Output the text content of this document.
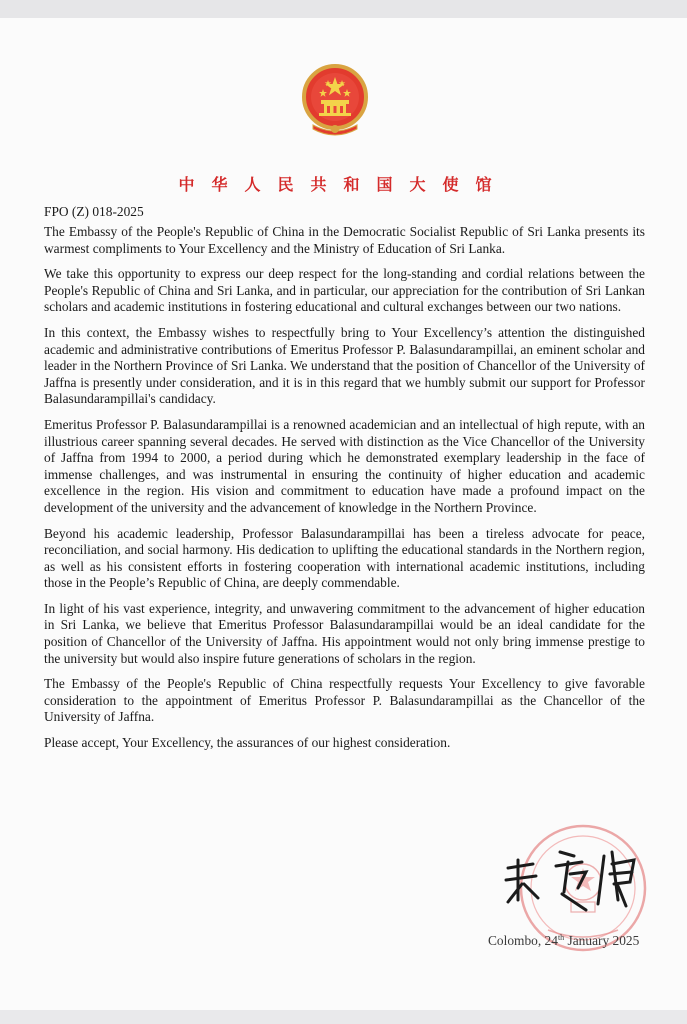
中华人民共和国大使馆
FPO (Z) 018-2025

The Embassy of the People's Republic of China in the Democratic Socialist Republic of Sri Lanka presents its warmest compliments to Your Excellency and the Ministry of Education of Sri Lanka.

We take this opportunity to express our deep respect for the long-standing and cordial relations between the People's Republic of China and Sri Lanka, and in particular, our appreciation for the contribution of Sri Lankan scholars and academic institutions in fostering educational and cultural exchanges between our two nations.

In this context, the Embassy wishes to respectfully bring to Your Excellency’s attention the distinguished academic and administrative contributions of Emeritus Professor P. Balasundarampillai, an eminent scholar and leader in the Northern Province of Sri Lanka. We understand that the position of Chancellor of the University of Jaffna is presently under consideration, and it is in this regard that we humbly submit our support for Professor Balasundarampillai's candidacy.

Emeritus Professor P. Balasundarampillai is a renowned academician and an intellectual of high repute, with an illustrious career spanning several decades. He served with distinction as the Vice Chancellor of the University of Jaffna from 1994 to 2000, a period during which he demonstrated exemplary leadership in the face of immense challenges, and was instrumental in ensuring the continuity of higher education and academic excellence in the region. His vision and commitment to education have made a profound impact on the development of the university and the advancement of knowledge in the Northern Province.

Beyond his academic leadership, Professor Balasundarampillai has been a tireless advocate for peace, reconciliation, and social harmony. His dedication to uplifting the educational standards in the Northern region, as well as his consistent efforts in fostering cooperation with international academic institutions, including those in the People’s Republic of China, are deeply commendable.

In light of his vast experience, integrity, and unwavering commitment to the advancement of higher education in Sri Lanka, we believe that Emeritus Professor Balasundarampillai would be an ideal candidate for the position of Chancellor of the University of Jaffna. His appointment would not only bring immense prestige to the university but would also inspire future generations of scholars in the region.

The Embassy of the People's Republic of China respectfully requests Your Excellency to give favorable consideration to the appointment of Emeritus Professor P. Balasundarampillai as the Chancellor of the University of Jaffna.

Please accept, Your Excellency, the assurances of our highest consideration.

Colombo, 24th January 2025
